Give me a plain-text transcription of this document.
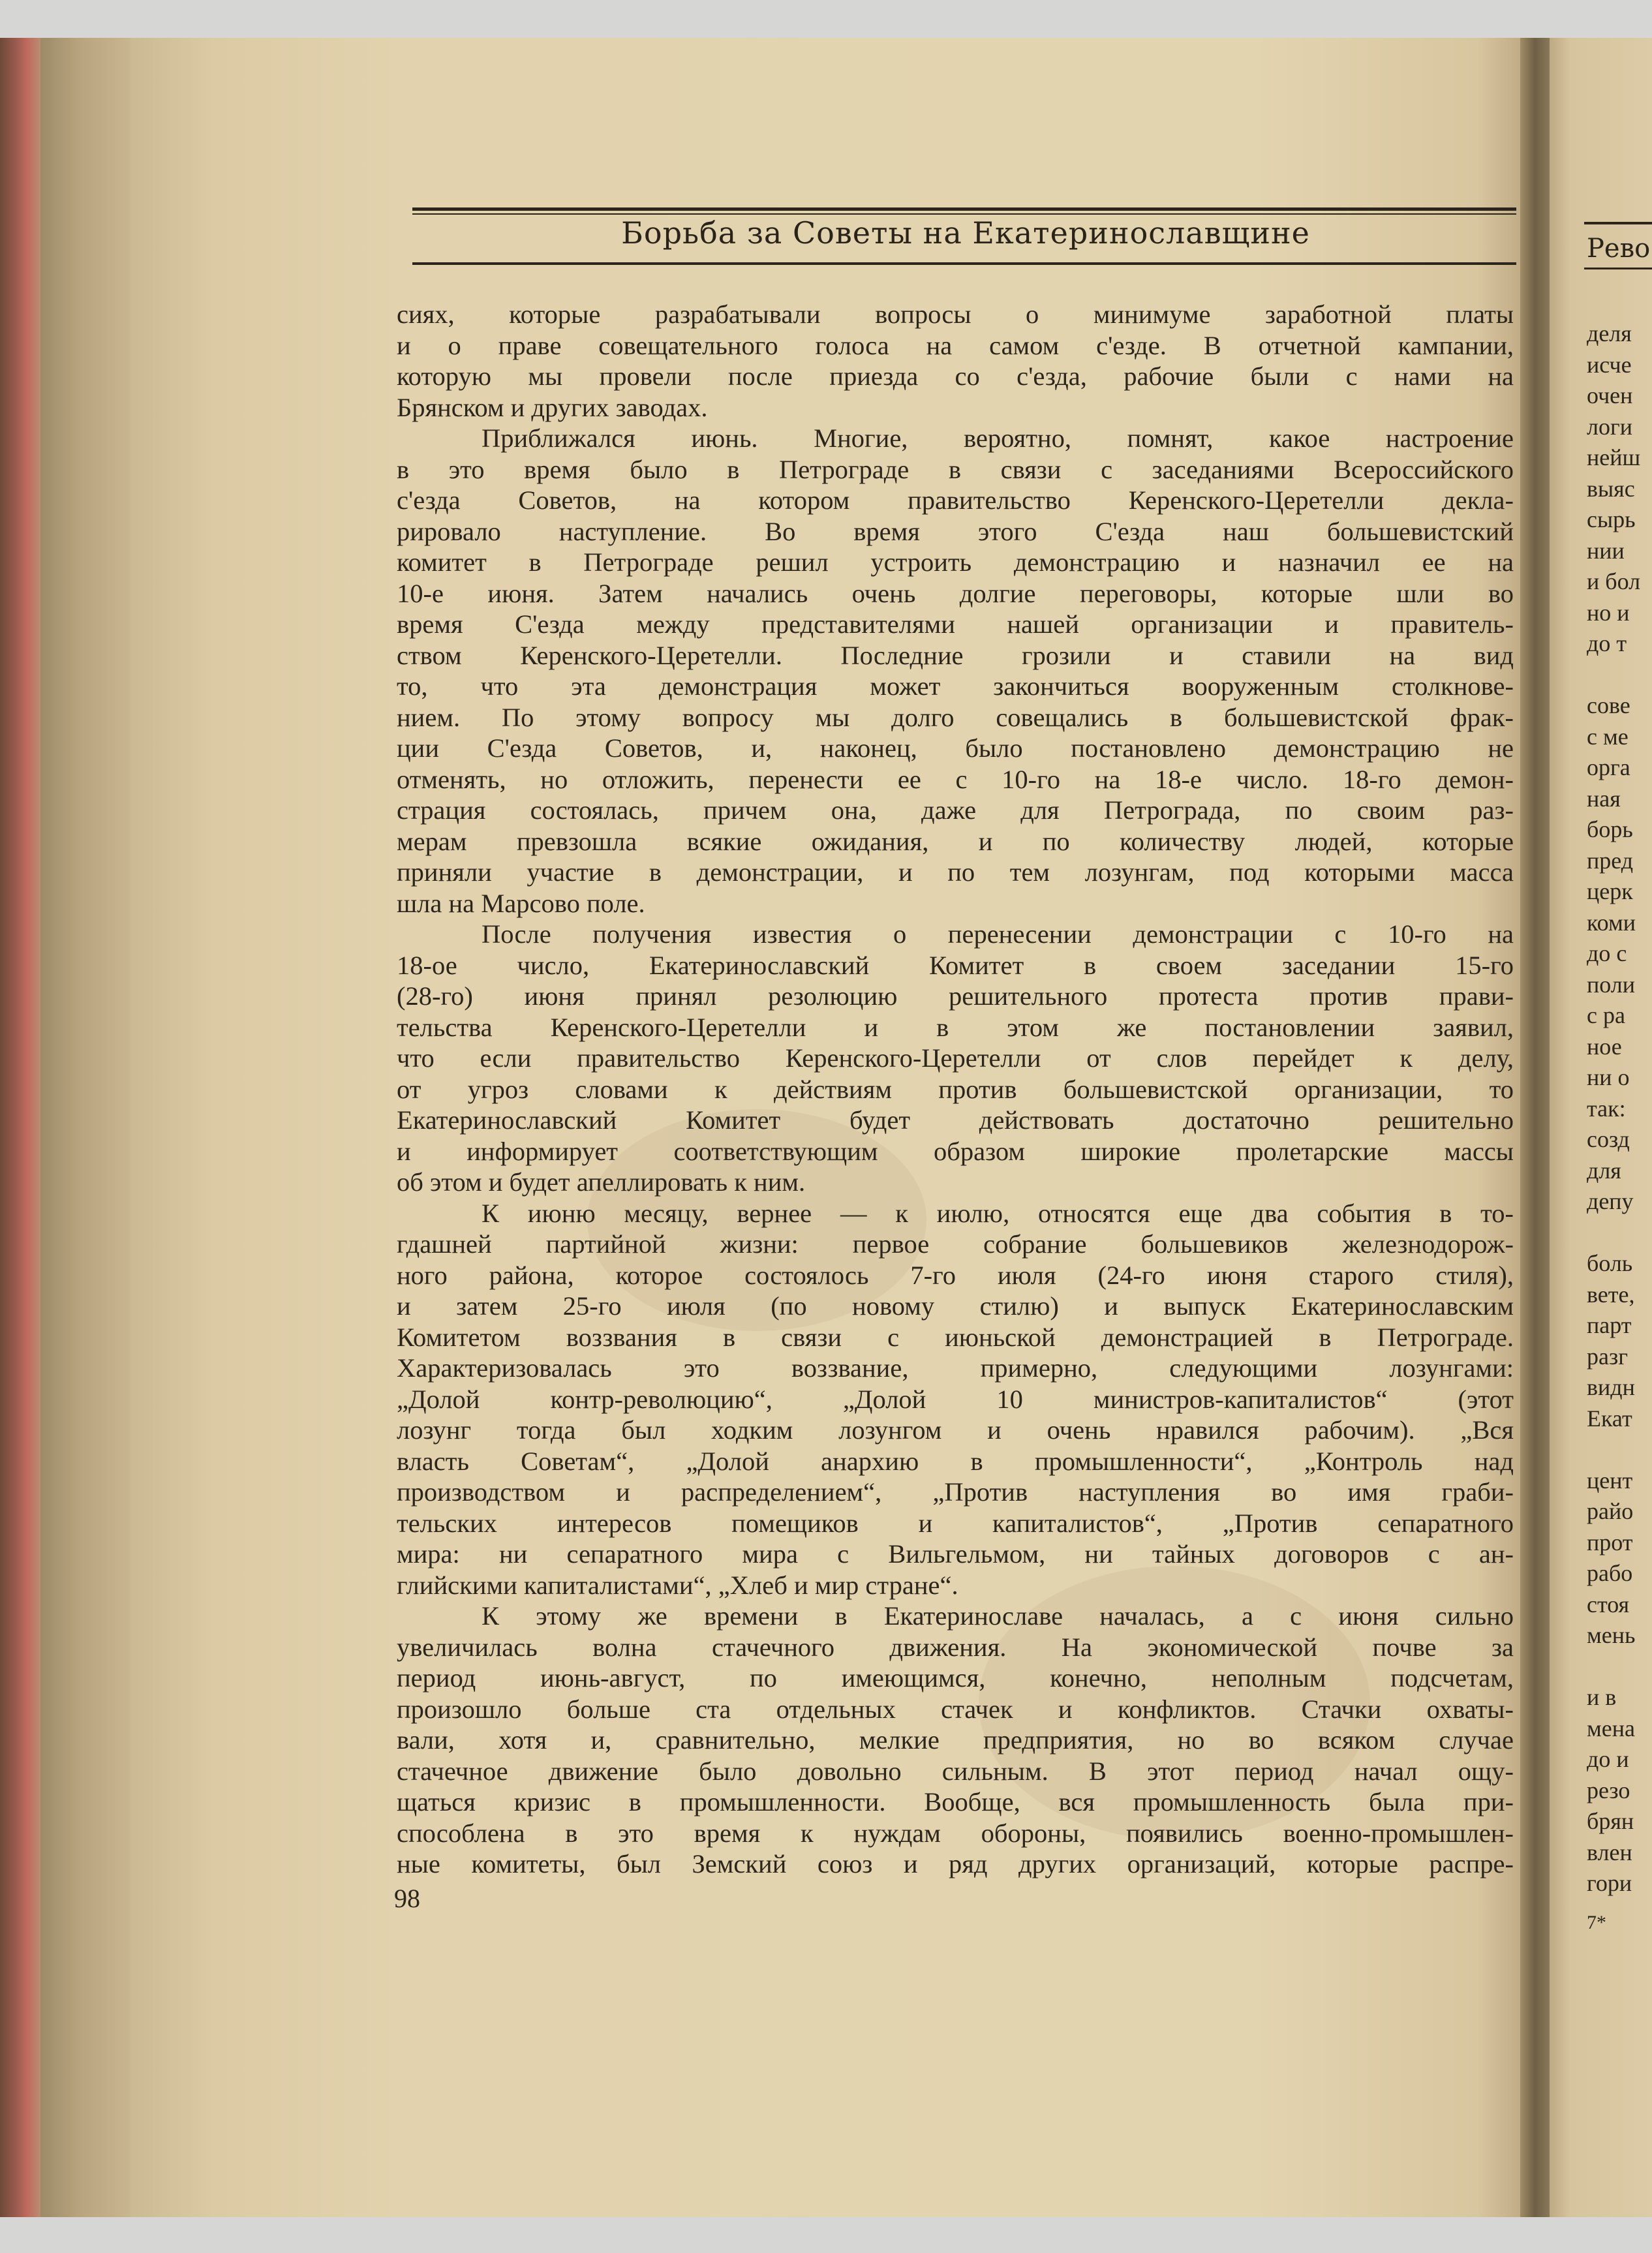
Борьба за Советы на Екатеринославщине
сиях, которые разрабатывали вопросы о минимуме заработной платы
и о праве совещательного голоса на самом с'езде. В отчетной кампании,
которую мы провели после приезда со с'езда, рабочие были с нами на
Брянском и других заводах.
Приближался июнь. Многие, вероятно, помнят, какое настроение
в это время было в Петрограде в связи с заседаниями Всероссийского
с'езда Советов, на котором правительство Керенского-Церетелли декла-
рировало наступление. Во время этого С'езда наш большевистский
комитет в Петрограде решил устроить демонстрацию и назначил ее на
10-е июня. Затем начались очень долгие переговоры, которые шли во
время С'езда между представителями нашей организации и правитель-
ством Керенского-Церетелли. Последние грозили и ставили на вид
то, что эта демонстрация может закончиться вооруженным столкнове-
нием. По этому вопросу мы долго совещались в большевистской фрак-
ции С'езда Советов, и, наконец, было постановлено демонстрацию не
отменять, но отложить, перенести ее с 10-го на 18-е число. 18-го демон-
страция состоялась, причем она, даже для Петрограда, по своим раз-
мерам превзошла всякие ожидания, и по количеству людей, которые
приняли участие в демонстрации, и по тем лозунгам, под которыми масса
шла на Марсово поле.
После получения известия о перенесении демонстрации с 10-го на
18-ое число, Екатеринославский Комитет в своем заседании 15-го
(28-го) июня принял резолюцию решительного протеста против прави-
тельства Керенского-Церетелли и в этом же постановлении заявил,
что если правительство Керенского-Церетелли от слов перейдет к делу,
от угроз словами к действиям против большевистской организации, то
Екатеринославский Комитет будет действовать достаточно решительно
и информирует соответствующим образом широкие пролетарские массы
об этом и будет апеллировать к ним.
К июню месяцу, вернее — к июлю, относятся еще два события в то-
гдашней партийной жизни: первое собрание большевиков железнодорож-
ного района, которое состоялось 7-го июля (24-го июня старого стиля),
и затем 25-го июля (по новому стилю) и выпуск Екатеринославским
Комитетом воззвания в связи с июньской демонстрацией в Петрограде.
Характеризовалась это воззвание, примерно, следующими лозунгами:
„Долой контр-революцию“, „Долой 10 министров-капиталистов“ (этот
лозунг тогда был ходким лозунгом и очень нравился рабочим). „Вся
власть Советам“, „Долой анархию в промышленности“, „Контроль над
производством и распределением“, „Против наступления во имя граби-
тельских интересов помещиков и капиталистов“, „Против сепаратного
мира: ни сепаратного мира с Вильгельмом, ни тайных договоров с ан-
глийскими капиталистами“, „Хлеб и мир стране“.
К этому же времени в Екатеринославе началась, а с июня сильно
увеличилась волна стачечного движения. На экономической почве за
период июнь-август, по имеющимся, конечно, неполным подсчетам,
произошло больше ста отдельных стачек и конфликтов. Стачки охваты-
вали, хотя и, сравнительно, мелкие предприятия, но во всяком случае
стачечное движение было довольно сильным. В этот период начал ощу-
щаться кризис в промышленности. Вообще, вся промышленность была при-
способлена в это время к нуждам обороны, появились военно-промышлен-
ные комитеты, был Земский союз и ряд других организаций, которые распре-
98
Рево
деля
исче
очен
логи
нейш
выяс
сырь
нии
и бол
но и
до т
сове
с ме
орга
ная
борь
пред
церк
коми
до с
поли
с ра
ное
ни о
так:
созд
для
депу
боль
вете,
парт
разг
видн
Екат
цент
райо
прот
рабо
стоя
мень
и в
мена
до и
резо
брян
влен
гори
7*
